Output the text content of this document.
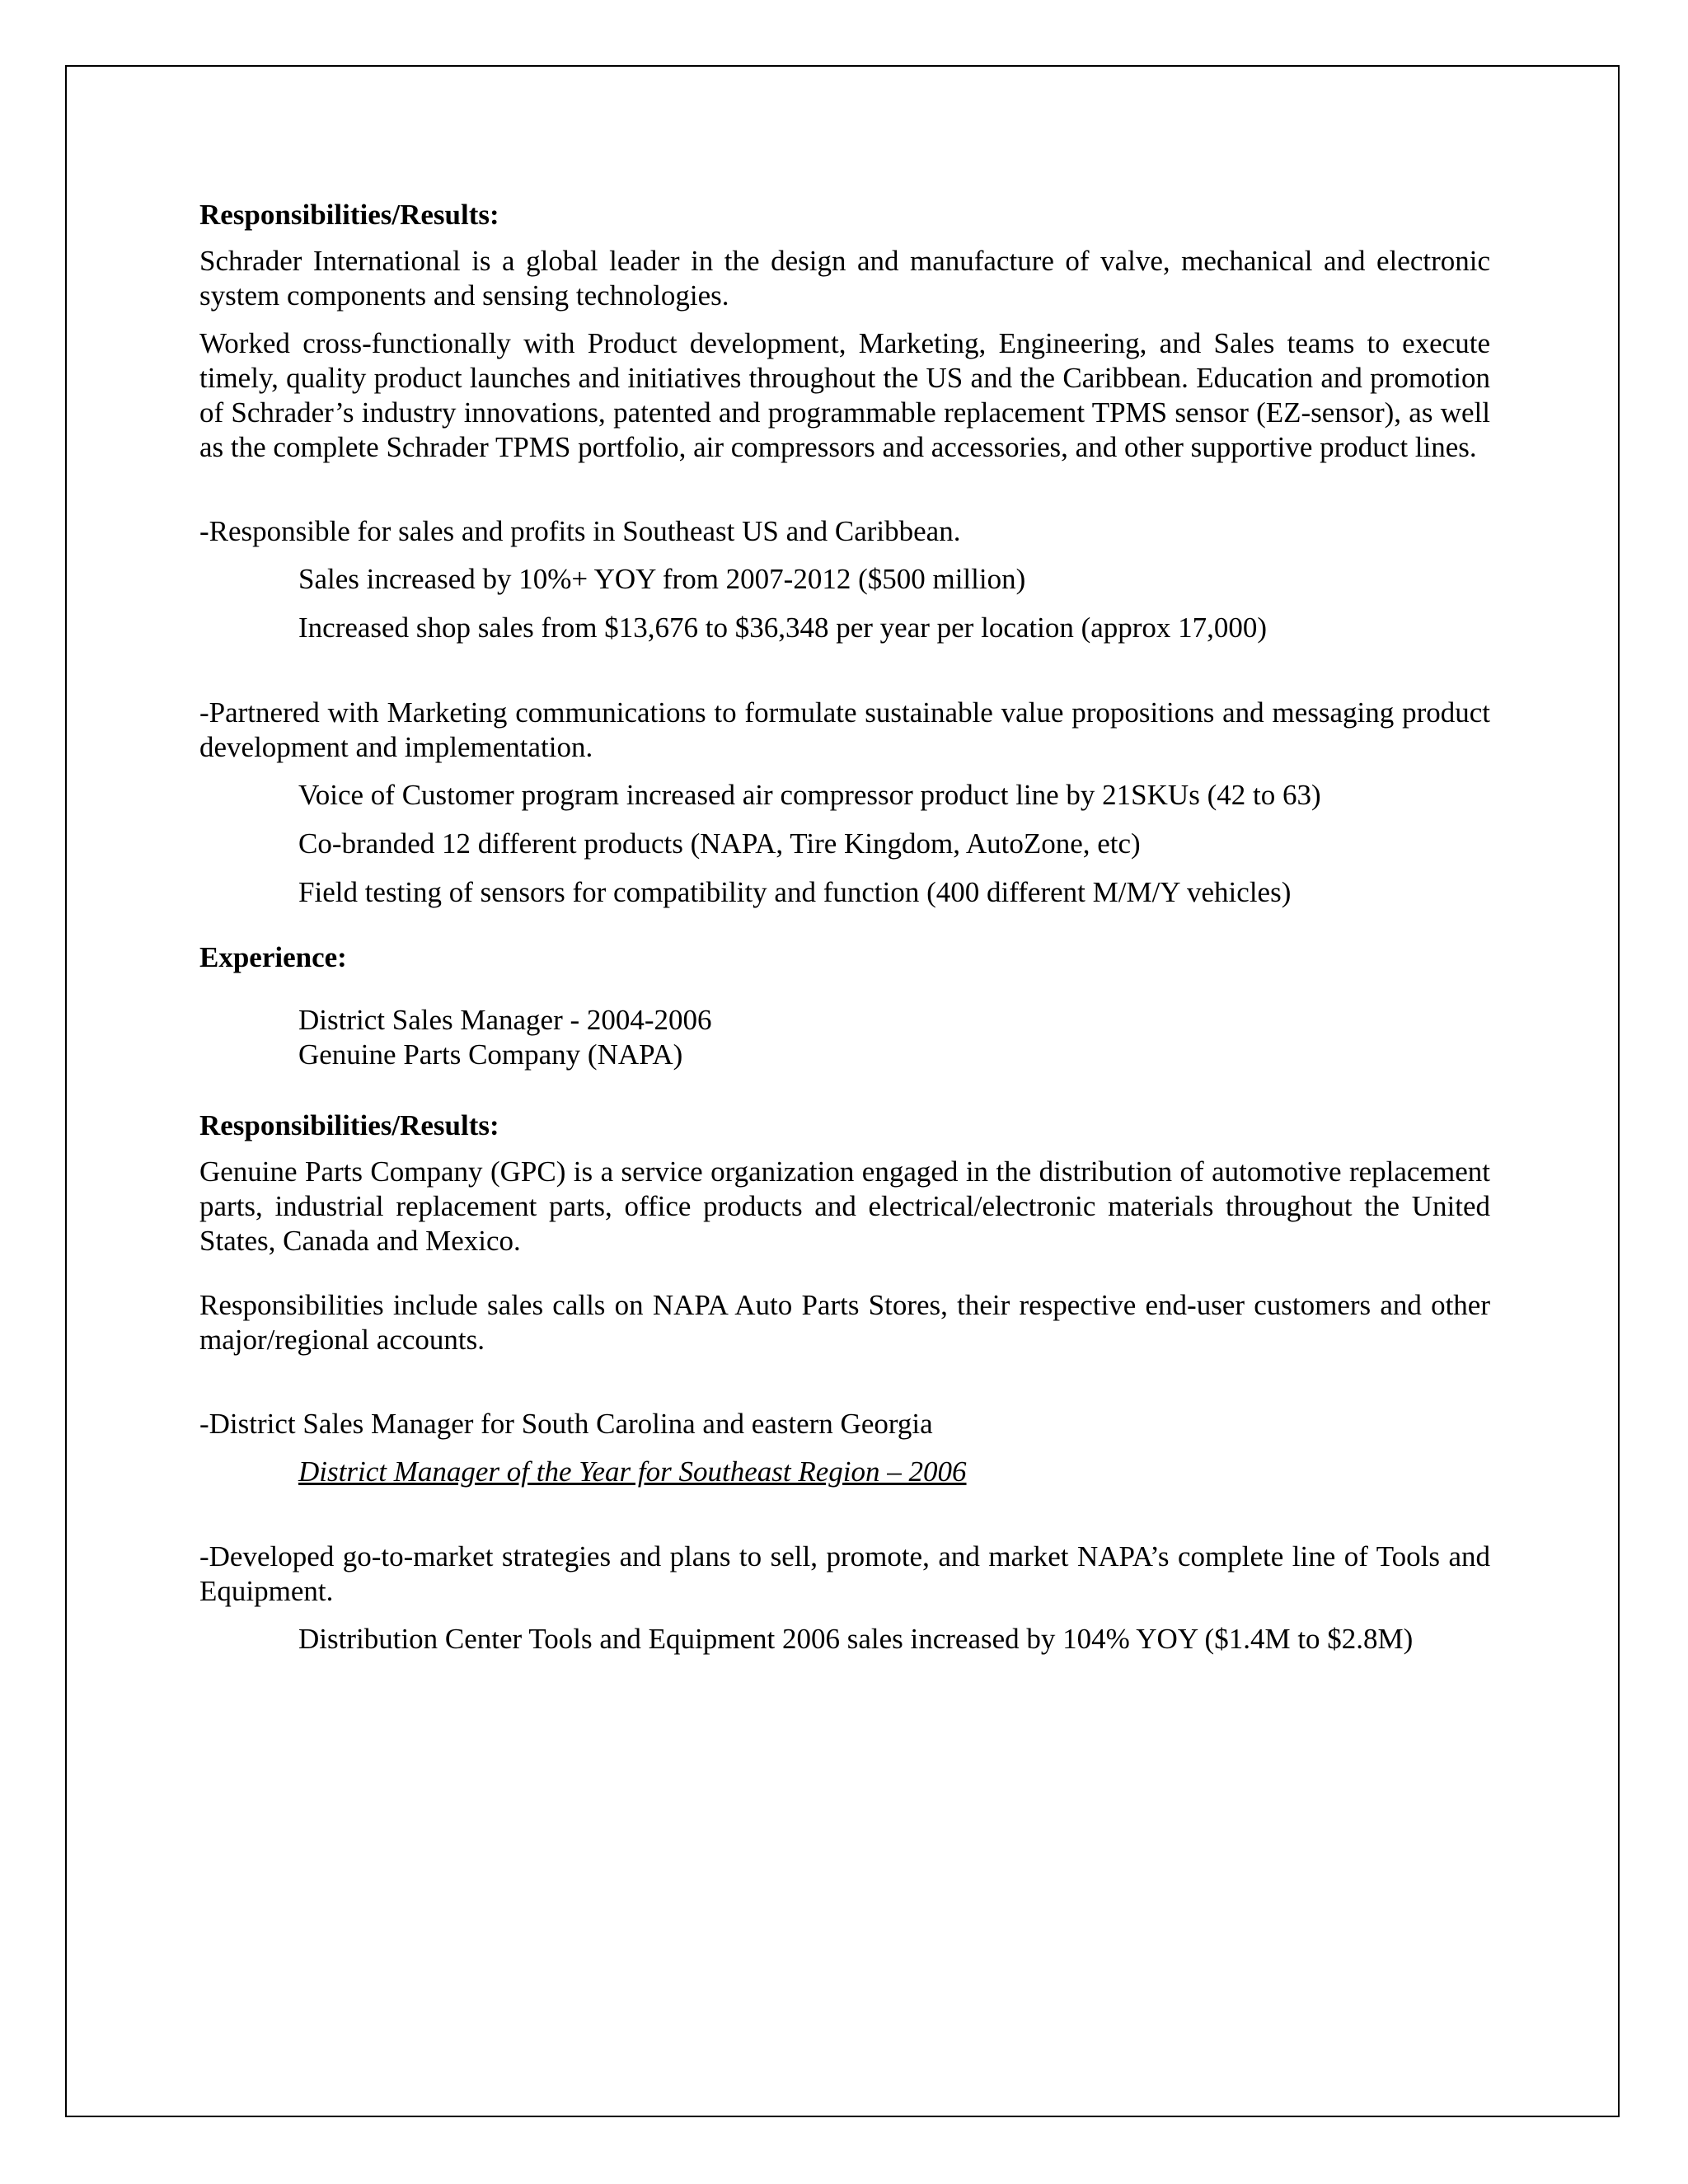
Responsibilities/Results:
Schrader International is a global leader in the design and manufacture of valve, mechanical and electronic system components and sensing technologies.
Worked cross-functionally with Product development, Marketing, Engineering, and Sales teams to execute timely, quality product launches and initiatives throughout the US and the Caribbean. Education and promotion of Schrader’s industry innovations, patented and programmable replacement TPMS sensor (EZ-sensor), as well as the complete Schrader TPMS portfolio, air compressors and accessories, and other supportive product lines.
-Responsible for sales and profits in Southeast US and Caribbean.
Sales increased by 10%+ YOY from 2007-2012 ($500 million)
Increased shop sales from $13,676 to $36,348 per year per location (approx 17,000)
-Partnered with Marketing communications to formulate sustainable value propositions and messaging product development and implementation.
Voice of Customer program increased air compressor product line by 21SKUs (42 to 63)
Co-branded 12 different products (NAPA, Tire Kingdom, AutoZone, etc)
Field testing of sensors for compatibility and function (400 different M/M/Y vehicles)
Experience:
District Sales Manager - 2004-2006
Genuine Parts Company (NAPA)
Responsibilities/Results:
Genuine Parts Company (GPC) is a service organization engaged in the distribution of automotive replacement parts, industrial replacement parts, office products and electrical/electronic materials throughout the United States, Canada and Mexico.
Responsibilities include sales calls on NAPA Auto Parts Stores, their respective end-user customers and other major/regional accounts.
-District Sales Manager for South Carolina and eastern Georgia
District Manager of the Year for Southeast Region – 2006
-Developed go-to-market strategies and plans to sell, promote, and market NAPA’s complete line of Tools and Equipment.
Distribution Center Tools and Equipment 2006 sales increased by 104% YOY ($1.4M to $2.8M)
